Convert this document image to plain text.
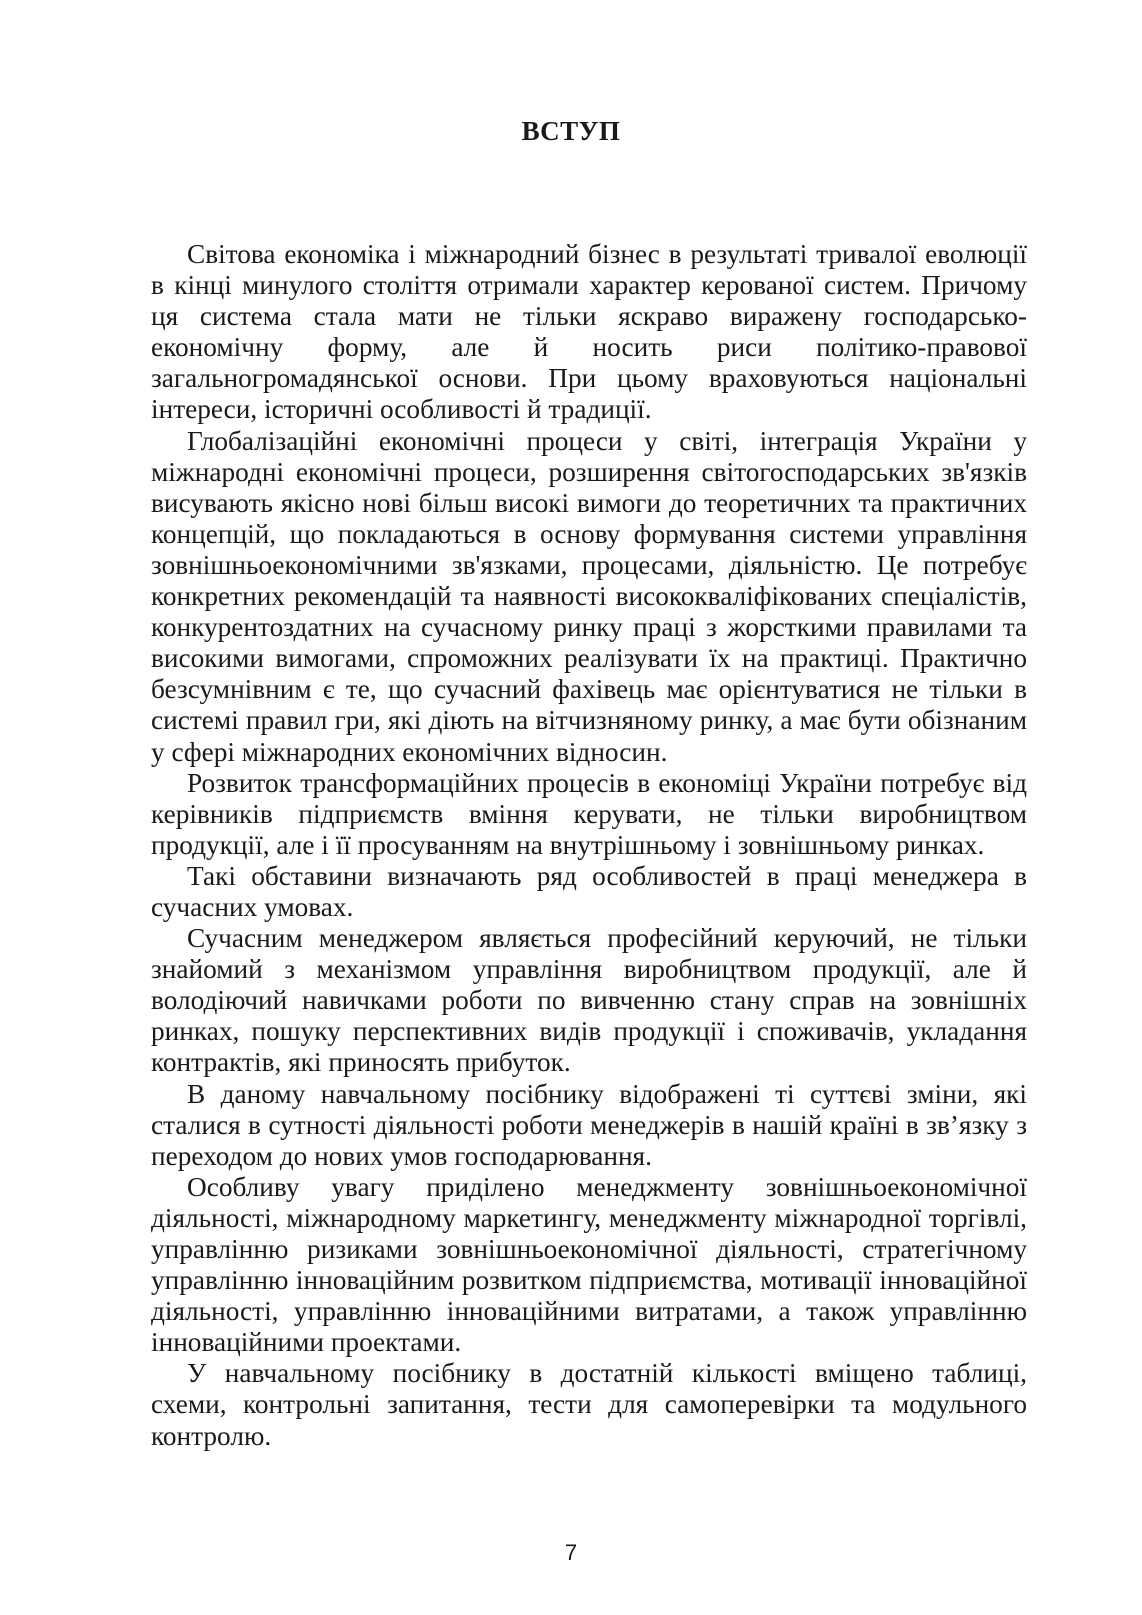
ВСТУП

Світова економіка і міжнародний бізнес в результаті тривалої еволюції в кінці минулого століття отримали характер керованої систем. Причому ця система стала мати не тільки яскраво виражену господарсько-економічну форму, але й носить риси політико-правової загальногромадянської основи. При цьому враховуються національні інтереси, історичні особливості й традиції.

Глобалізаційні економічні процеси у світі, інтеграція України у міжнародні економічні процеси, розширення світогосподарських зв'язків висувають якісно нові більш високі вимоги до теоретичних та практичних концепцій, що покладаються в основу формування системи управління зовнішньоекономічними зв'язками, процесами, діяльністю. Це потребує конкретних рекомендацій та наявності висококваліфікованих спеціалістів, конкурентоздатних на сучасному ринку праці з жорсткими правилами та високими вимогами, спроможних реалізувати їх на практиці. Практично безсумнівним є те, що сучасний фахівець має орієнтуватися не тільки в системі правил гри, які діють на вітчизняному ринку, а має бути обізнаним у сфері міжнародних економічних відносин.

Розвиток трансформаційних процесів в економіці України потребує від керівників підприємств вміння керувати, не тільки виробництвом продукції, але і її просуванням на внутрішньому і зовнішньому ринках.

Такі обставини визначають ряд особливостей в праці менеджера в сучасних умовах.

Сучасним менеджером являється професійний керуючий, не тільки знайомий з механізмом управління виробництвом продукції, але й володіючий навичками роботи по вивченню стану справ на зовнішніх ринках, пошуку перспективних видів продукції і споживачів, укладання контрактів, які приносять прибуток.

В даному навчальному посібнику відображені ті суттєві зміни, які сталися в сутності діяльності роботи менеджерів в нашій країні в зв’язку з переходом до нових умов господарювання.

Особливу увагу приділено менеджменту зовнішньоекономічної діяльності, міжнародному маркетингу, менеджменту міжнародної торгівлі, управлінню ризиками зовнішньоекономічної діяльності, стратегічному управлінню інноваційним розвитком підприємства, мотивації інноваційної діяльності, управлінню інноваційними витратами, а також управлінню інноваційними проектами.

У навчальному посібнику в достатній кількості вміщено таблиці, схеми, контрольні запитання, тести для самоперевірки та модульного контролю.

7
